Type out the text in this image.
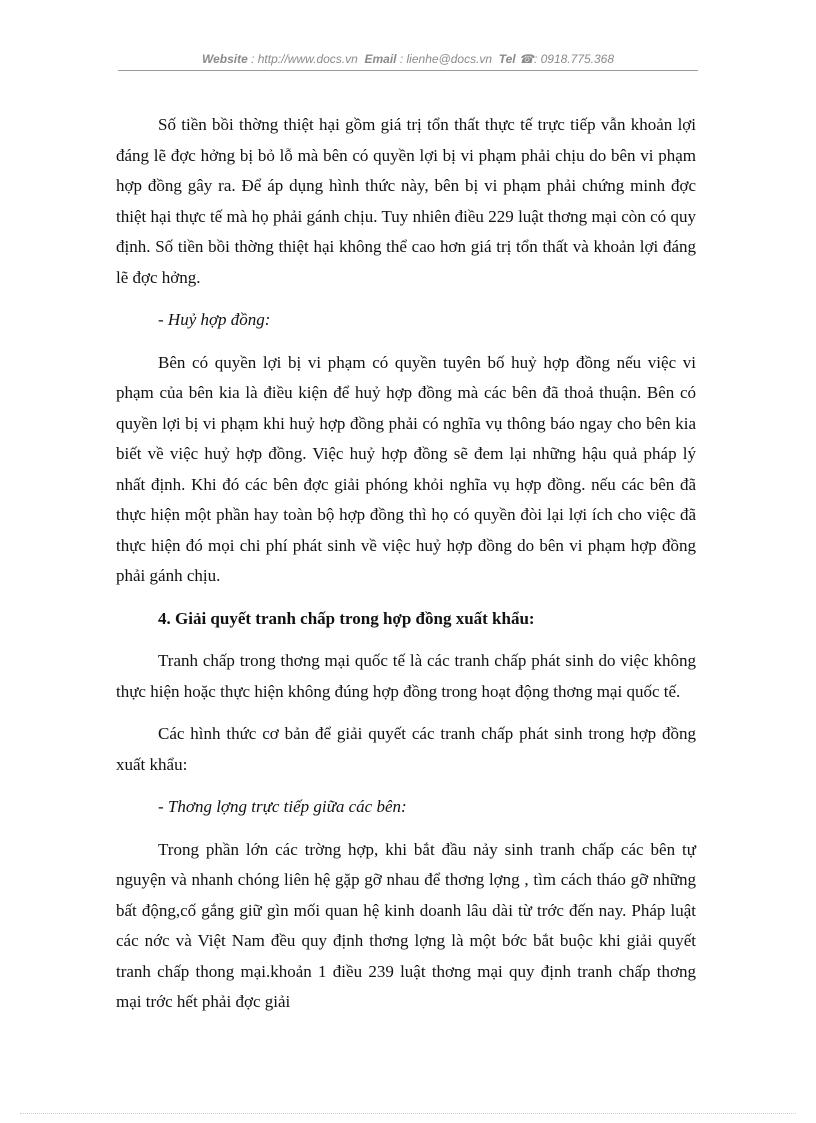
Website : http://www.docs.vn Email : lienhe@docs.vn Tel ☎: 0918.775.368

Số tiền bồi thờng thiệt hại gồm giá trị tổn thất thực tế trực tiếp vẫn khoản lợi đáng lẽ đợc hởng bị bỏ lỗ mà bên có quyền lợi bị vi phạm phải chịu do bên vi phạm hợp đồng gây ra. Để áp dụng hình thức này, bên bị vi phạm phải chứng minh đợc thiệt hại thực tế mà họ phải gánh chịu. Tuy nhiên điều 229 luật thơng mại còn có quy định. Số tiền bồi thờng thiệt hại không thể cao hơn giá trị tổn thất và khoản lợi đáng lẽ đợc hởng.

- Huỷ hợp đồng:

Bên có quyền lợi bị vi phạm có quyền tuyên bố huỷ hợp đồng nếu việc vi phạm của bên kia là điều kiện để huỷ hợp đồng mà các bên đã thoả thuận. Bên có quyền lợi bị vi phạm khi huỷ hợp đồng phải có nghĩa vụ thông báo ngay cho bên kia biết về việc huỷ hợp đồng. Việc huỷ hợp đồng sẽ đem lại những hậu quả pháp lý nhất định. Khi đó các bên đợc giải phóng khỏi nghĩa vụ hợp đồng. nếu các bên đã thực hiện một phần hay toàn bộ hợp đồng thì họ có quyền đòi lại lợi ích cho việc đã thực hiện đó mọi chi phí phát sinh về việc huỷ hợp đồng do bên vi phạm hợp đồng phải gánh chịu.

4. Giải quyết tranh chấp trong hợp đồng xuất khẩu:

Tranh chấp trong thơng mại quốc tế là các tranh chấp phát sinh do việc không thực hiện hoặc thực hiện không đúng hợp đồng trong hoạt động thơng mại quốc tế.

Các hình thức cơ bản để giải quyết các tranh chấp phát sinh trong hợp đồng xuất khẩu:

- Thơng lợng trực tiếp giữa các bên:

Trong phần lớn các trờng hợp, khi bắt đầu nảy sinh tranh chấp các bên tự nguyện và nhanh chóng liên hệ gặp gỡ nhau để thơng lợng , tìm cách tháo gỡ những bất động,cố gắng giữ gìn mối quan hệ kinh doanh lâu dài từ trớc đến nay. Pháp luật các nớc và Việt Nam đều quy định thơng lợng là một bớc bắt buộc khi giải quyết tranh chấp thong mại.khoản 1 điều 239 luật thơng mại quy định tranh chấp thơng mại trớc hết phải đợc giải
